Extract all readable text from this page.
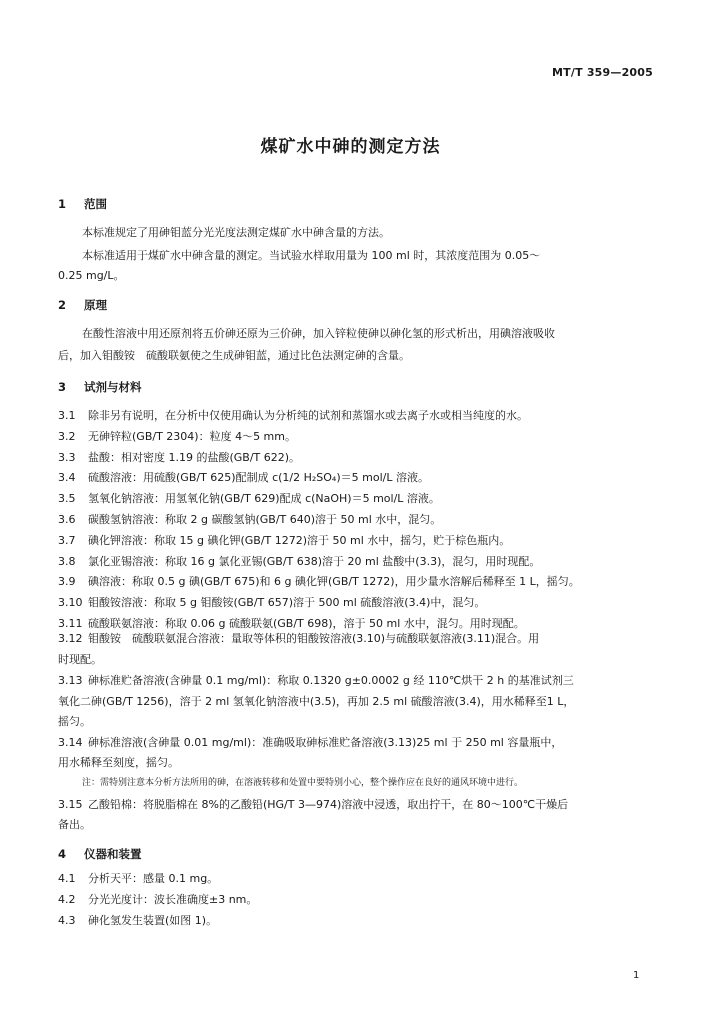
MT/T 359—2005
煤矿水中砷的测定方法
1 范围
本标准规定了用砷钼蓝分光光度法测定煤矿水中砷含量的方法。
本标准适用于煤矿水中砷含量的测定。当试验水样取用量为 100 ml 时，其浓度范围为 0.05～
0.25 mg/L。
2 原理
在酸性溶液中用还原剂将五价砷还原为三价砷，加入锌粒使砷以砷化氢的形式析出，用碘溶液吸收
后，加入钼酸铵　硫酸联氨使之生成砷钼蓝，通过比色法测定砷的含量。
3 试剂与材料
3.1 除非另有说明，在分析中仅使用确认为分析纯的试剂和蒸馏水或去离子水或相当纯度的水。
3.2 无砷锌粒(GB/T 2304)：粒度 4～5 mm。
3.3 盐酸：相对密度 1.19 的盐酸(GB/T 622)。
3.4 硫酸溶液：用硫酸(GB/T 625)配制成 c(1/2 H₂SO₄)＝5 mol/L 溶液。
3.5 氢氧化钠溶液：用氢氧化钠(GB/T 629)配成 c(NaOH)＝5 mol/L 溶液。
3.6 碳酸氢钠溶液：称取 2 g 碳酸氢钠(GB/T 640)溶于 50 ml 水中，混匀。
3.7 碘化钾溶液：称取 15 g 碘化钾(GB/T 1272)溶于 50 ml 水中，摇匀，贮于棕色瓶内。
3.8 氯化亚锡溶液：称取 16 g 氯化亚锡(GB/T 638)溶于 20 ml 盐酸中(3.3)，混匀，用时现配。
3.9 碘溶液：称取 0.5 g 碘(GB/T 675)和 6 g 碘化钾(GB/T 1272)，用少量水溶解后稀释至 1 L，摇匀。
3.10 钼酸铵溶液：称取 5 g 钼酸铵(GB/T 657)溶于 500 ml 硫酸溶液(3.4)中，混匀。
3.11 硫酸联氨溶液：称取 0.06 g 硫酸联氨(GB/T 698)，溶于 50 ml 水中，混匀。用时现配。
3.12 钼酸铵　硫酸联氨混合溶液：量取等体积的钼酸铵溶液(3.10)与硫酸联氨溶液(3.11)混合。用
时现配。
3.13 砷标准贮备溶液(含砷量 0.1 mg/ml)：称取 0.1320 g±0.0002 g 经 110℃烘干 2 h 的基准试剂三
氧化二砷(GB/T 1256)，溶于 2 ml 氢氧化钠溶液中(3.5)，再加 2.5 ml 硫酸溶液(3.4)，用水稀释至1 L，
摇匀。
3.14 砷标准溶液(含砷量 0.01 mg/ml)：准确吸取砷标准贮备溶液(3.13)25 ml 于 250 ml 容量瓶中，
用水稀释至刻度，摇匀。
注：需特别注意本分析方法所用的砷，在溶液转移和处置中要特别小心，整个操作应在良好的通风环境中进行。
3.15 乙酸铅棉：将脱脂棉在 8%的乙酸铅(HG/T 3—974)溶液中浸透，取出拧干，在 80～100℃干燥后
备出。
4 仪器和装置
4.1 分析天平：感量 0.1 mg。
4.2 分光光度计：波长准确度±3 nm。
4.3 砷化氢发生装置(如图 1)。
1
